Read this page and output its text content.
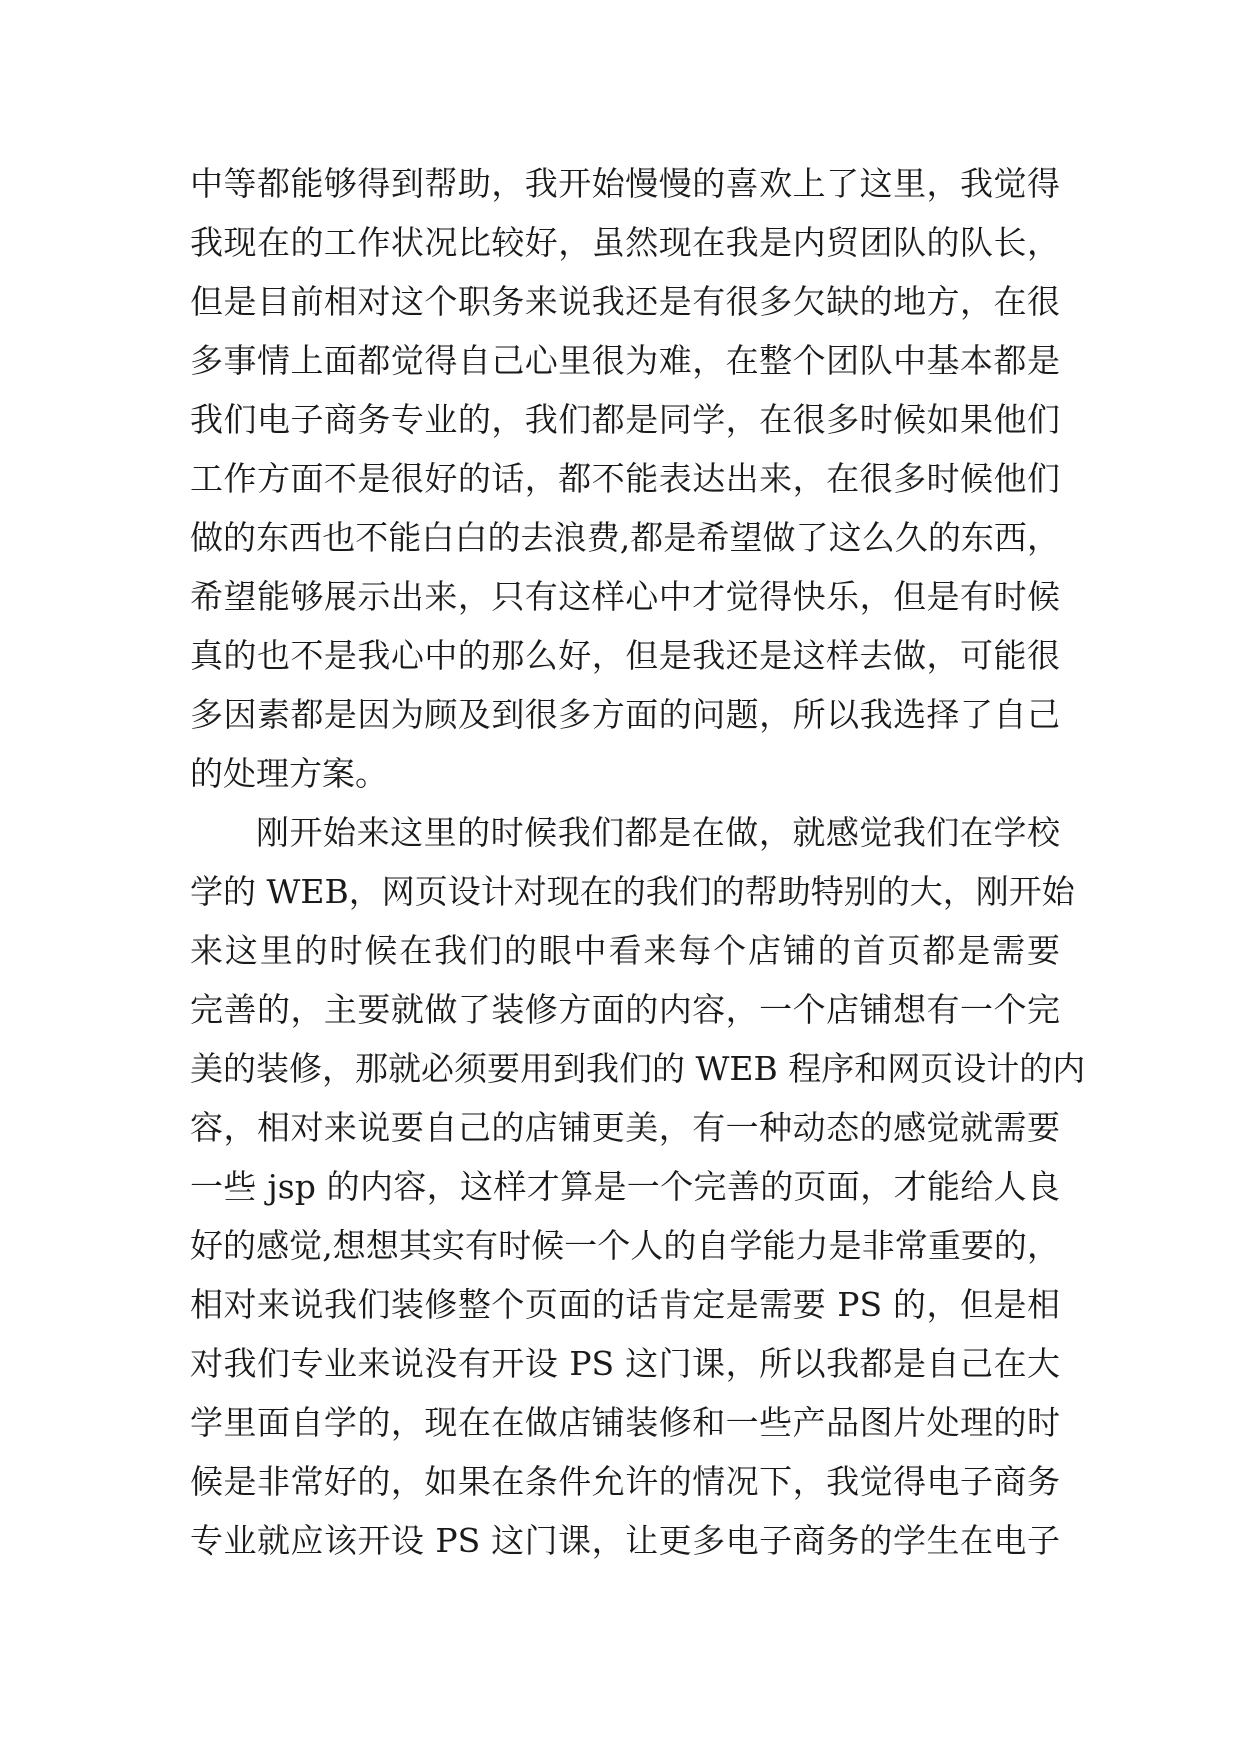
中等都能够得到帮助，我开始慢慢的喜欢上了这里，我觉得
我现在的工作状况比较好，虽然现在我是内贸团队的队长，
但是目前相对这个职务来说我还是有很多欠缺的地方，在很
多事情上面都觉得自己心里很为难，在整个团队中基本都是
我们电子商务专业的，我们都是同学，在很多时候如果他们
工作方面不是很好的话，都不能表达出来，在很多时候他们
做的东西也不能白白的去浪费,都是希望做了这么久的东西，
希望能够展示出来，只有这样心中才觉得快乐，但是有时候
真的也不是我心中的那么好，但是我还是这样去做，可能很
多因素都是因为顾及到很多方面的问题，所以我选择了自己
的处理方案。
刚开始来这里的时候我们都是在做，就感觉我们在学校
学的 WEB，网页设计对现在的我们的帮助特别的大，刚开始
来这里的时候在我们的眼中看来每个店铺的首页都是需要
完善的，主要就做了装修方面的内容，一个店铺想有一个完
美的装修，那就必须要用到我们的 WEB 程序和网页设计的内
容，相对来说要自己的店铺更美，有一种动态的感觉就需要
一些 jsp 的内容，这样才算是一个完善的页面，才能给人良
好的感觉,想想其实有时候一个人的自学能力是非常重要的，
相对来说我们装修整个页面的话肯定是需要 PS 的，但是相
对我们专业来说没有开设 PS 这门课，所以我都是自己在大
学里面自学的，现在在做店铺装修和一些产品图片处理的时
候是非常好的，如果在条件允许的情况下，我觉得电子商务
专业就应该开设 PS 这门课，让更多电子商务的学生在电子
